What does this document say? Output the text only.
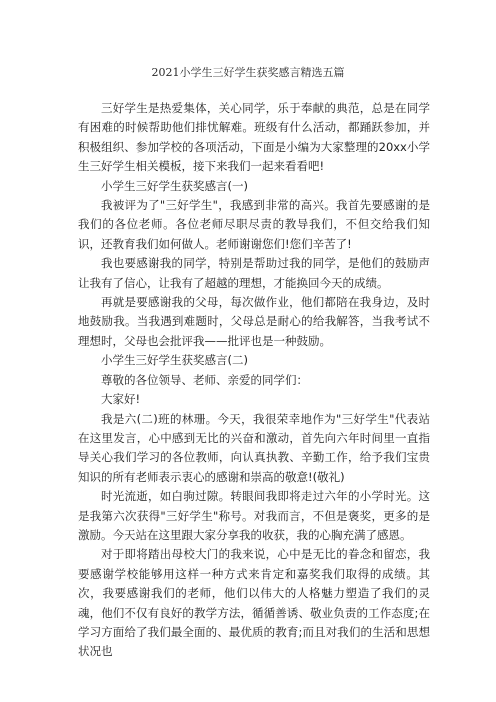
2021小学生三好学生获奖感言精选五篇

三好学生是热爱集体，关心同学，乐于奉献的典范，总是在同学有困难的时候帮助他们排忧解难。班级有什么活动，都踊跃参加，并积极组织、参加学校的各项活动，下面是小编为大家整理的20xx小学生三好学生相关模板，接下来我们一起来看看吧!

小学生三好学生获奖感言(一)

我被评为了"三好学生"，我感到非常的高兴。我首先要感谢的是我们的各位老师。各位老师尽职尽责的教导我们，不但交给我们知识，还教育我们如何做人。老师谢谢您们!您们辛苦了!

我也要感谢我的同学，特别是帮助过我的同学，是他们的鼓励声让我有了信心，让我有了超越的理想，才能换回今天的成绩。

再就是要感谢我的父母，每次做作业，他们都陪在我身边，及时地鼓励我。当我遇到难题时，父母总是耐心的给我解答，当我考试不理想时，父母也会批评我——批评也是一种鼓励。

小学生三好学生获奖感言(二)

尊敬的各位领导、老师、亲爱的同学们：

大家好!

我是六(二)班的林珊。今天，我很荣幸地作为"三好学生"代表站在这里发言，心中感到无比的兴奋和激动，首先向六年时间里一直指导关心我们学习的各位教师，向认真执教、辛勤工作，给予我们宝贵知识的所有老师表示衷心的感谢和崇高的敬意!(敬礼)

时光流逝，如白驹过隙。转眼间我即将走过六年的小学时光。这是我第六次获得"三好学生"称号。对我而言，不但是褒奖，更多的是激励。今天站在这里跟大家分享我的收获，我的心胸充满了感恩。

对于即将踏出母校大门的我来说，心中是无比的眷念和留恋，我要感谢学校能够用这样一种方式来肯定和嘉奖我们取得的成绩。其次，我要感谢我们的老师，他们以伟大的人格魅力塑造了我们的灵魂，他们不仅有良好的教学方法，循循善诱、敬业负责的工作态度;在学习方面给了我们最全面的、最优质的教育;而且对我们的生活和思想状况也
